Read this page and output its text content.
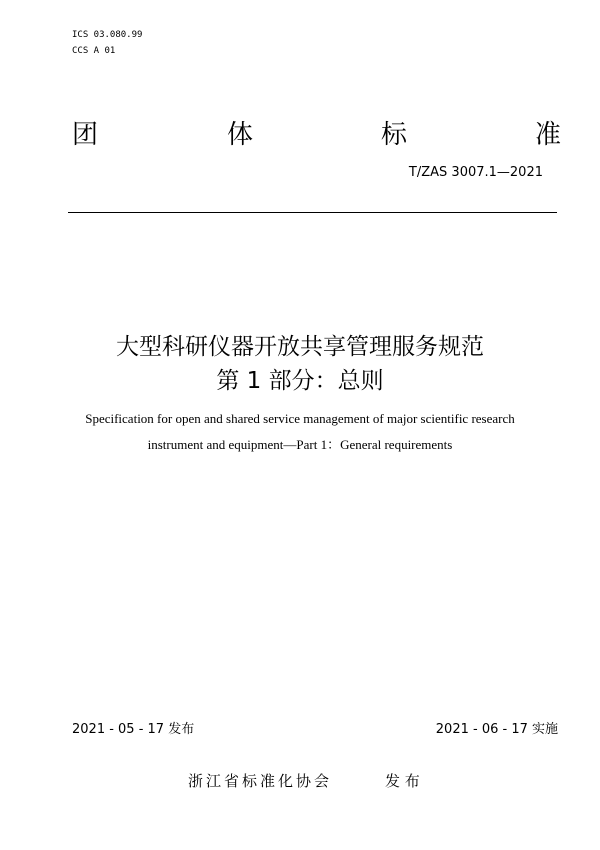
ICS 03.080.99
CCS A 01
团	体	标	准
T/ZAS 3007.1—2021
大型科研仪器开放共享管理服务规范
第 1 部分：总则
Specification for open and shared service management of major scientific research
instrument and equipment—Part 1：General requirements
2021 - 05 - 17 发布	2021 - 06 - 17 实施
浙江省标准化协会	发 布
